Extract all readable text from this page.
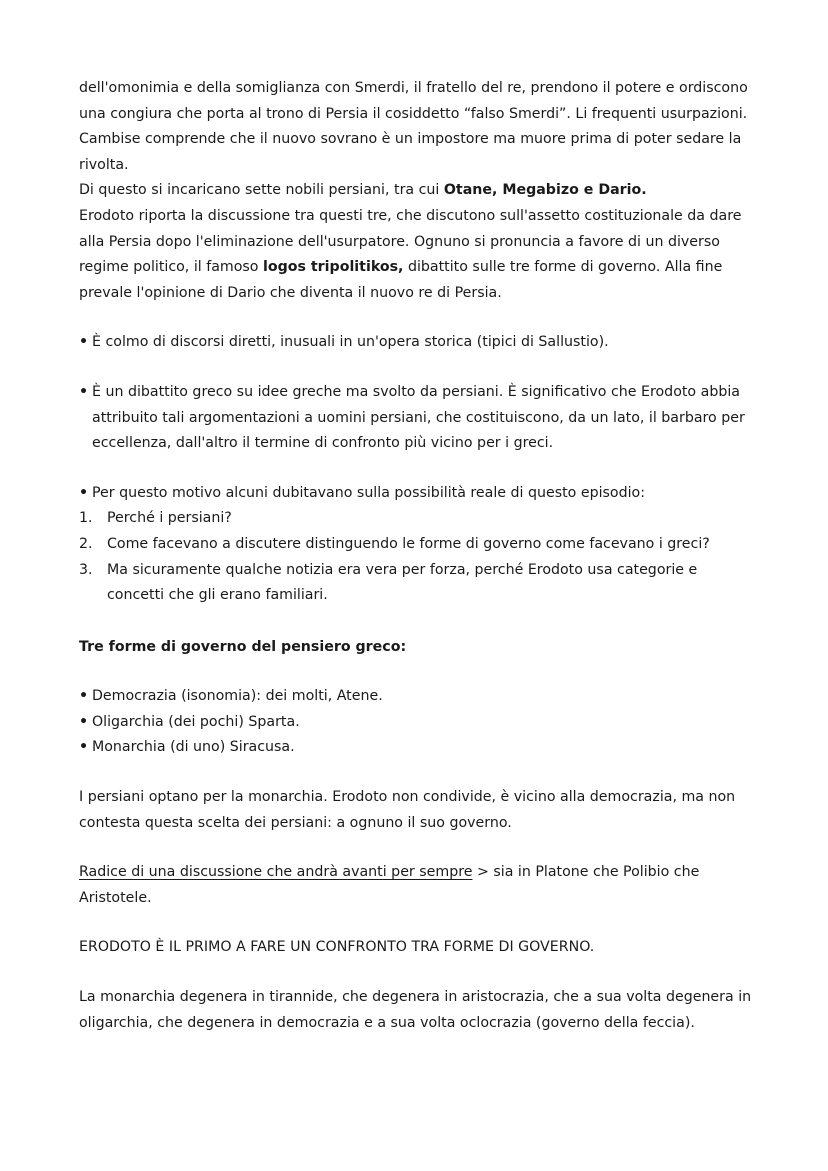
dell'omonimia e della somiglianza con Smerdi, il fratello del re, prendono il potere e ordiscono una congiura che porta al trono di Persia il cosiddetto “falso Smerdi”. Li frequenti usurpazioni. Cambise comprende che il nuovo sovrano è un impostore ma muore prima di poter sedare la rivolta.

Di questo si incaricano sette nobili persiani, tra cui Otane, Megabizo e Dario.

Erodoto riporta la discussione tra questi tre, che discutono sull'assetto costituzionale da dare alla Persia dopo l'eliminazione dell'usurpatore. Ognuno si pronuncia a favore di un diverso regime politico, il famoso logos tripolitikos, dibattito sulle tre forme di governo. Alla fine prevale l'opinione di Dario che diventa il nuovo re di Persia.

• È colmo di discorsi diretti, inusuali in un'opera storica (tipici di Sallustio).
• È un dibattito greco su idee greche ma svolto da persiani. È significativo che Erodoto abbia attribuito tali argomentazioni a uomini persiani, che costituiscono, da un lato, il barbaro per eccellenza, dall'altro il termine di confronto più vicino per i greci.
• Per questo motivo alcuni dubitavano sulla possibilità reale di questo episodio:
1.	Perché i persiani?
2.	Come facevano a discutere distinguendo le forme di governo come facevano i greci?
3.	Ma sicuramente qualche notizia era vera per forza, perché Erodoto usa categorie e concetti che gli erano familiari.

Tre forme di governo del pensiero greco:

• Democrazia (isonomia): dei molti, Atene.
• Oligarchia (dei pochi) Sparta.
• Monarchia (di uno) Siracusa.

I persiani optano per la monarchia. Erodoto non condivide, è vicino alla democrazia, ma non contesta questa scelta dei persiani: a ognuno il suo governo.

Radice di una discussione che andrà avanti per sempre > sia in Platone che Polibio che Aristotele.

ERODOTO È IL PRIMO A FARE UN CONFRONTO TRA FORME DI GOVERNO.

La monarchia degenera in tirannide, che degenera in aristocrazia, che a sua volta degenera in oligarchia, che degenera in democrazia e a sua volta oclocrazia (governo della feccia).
